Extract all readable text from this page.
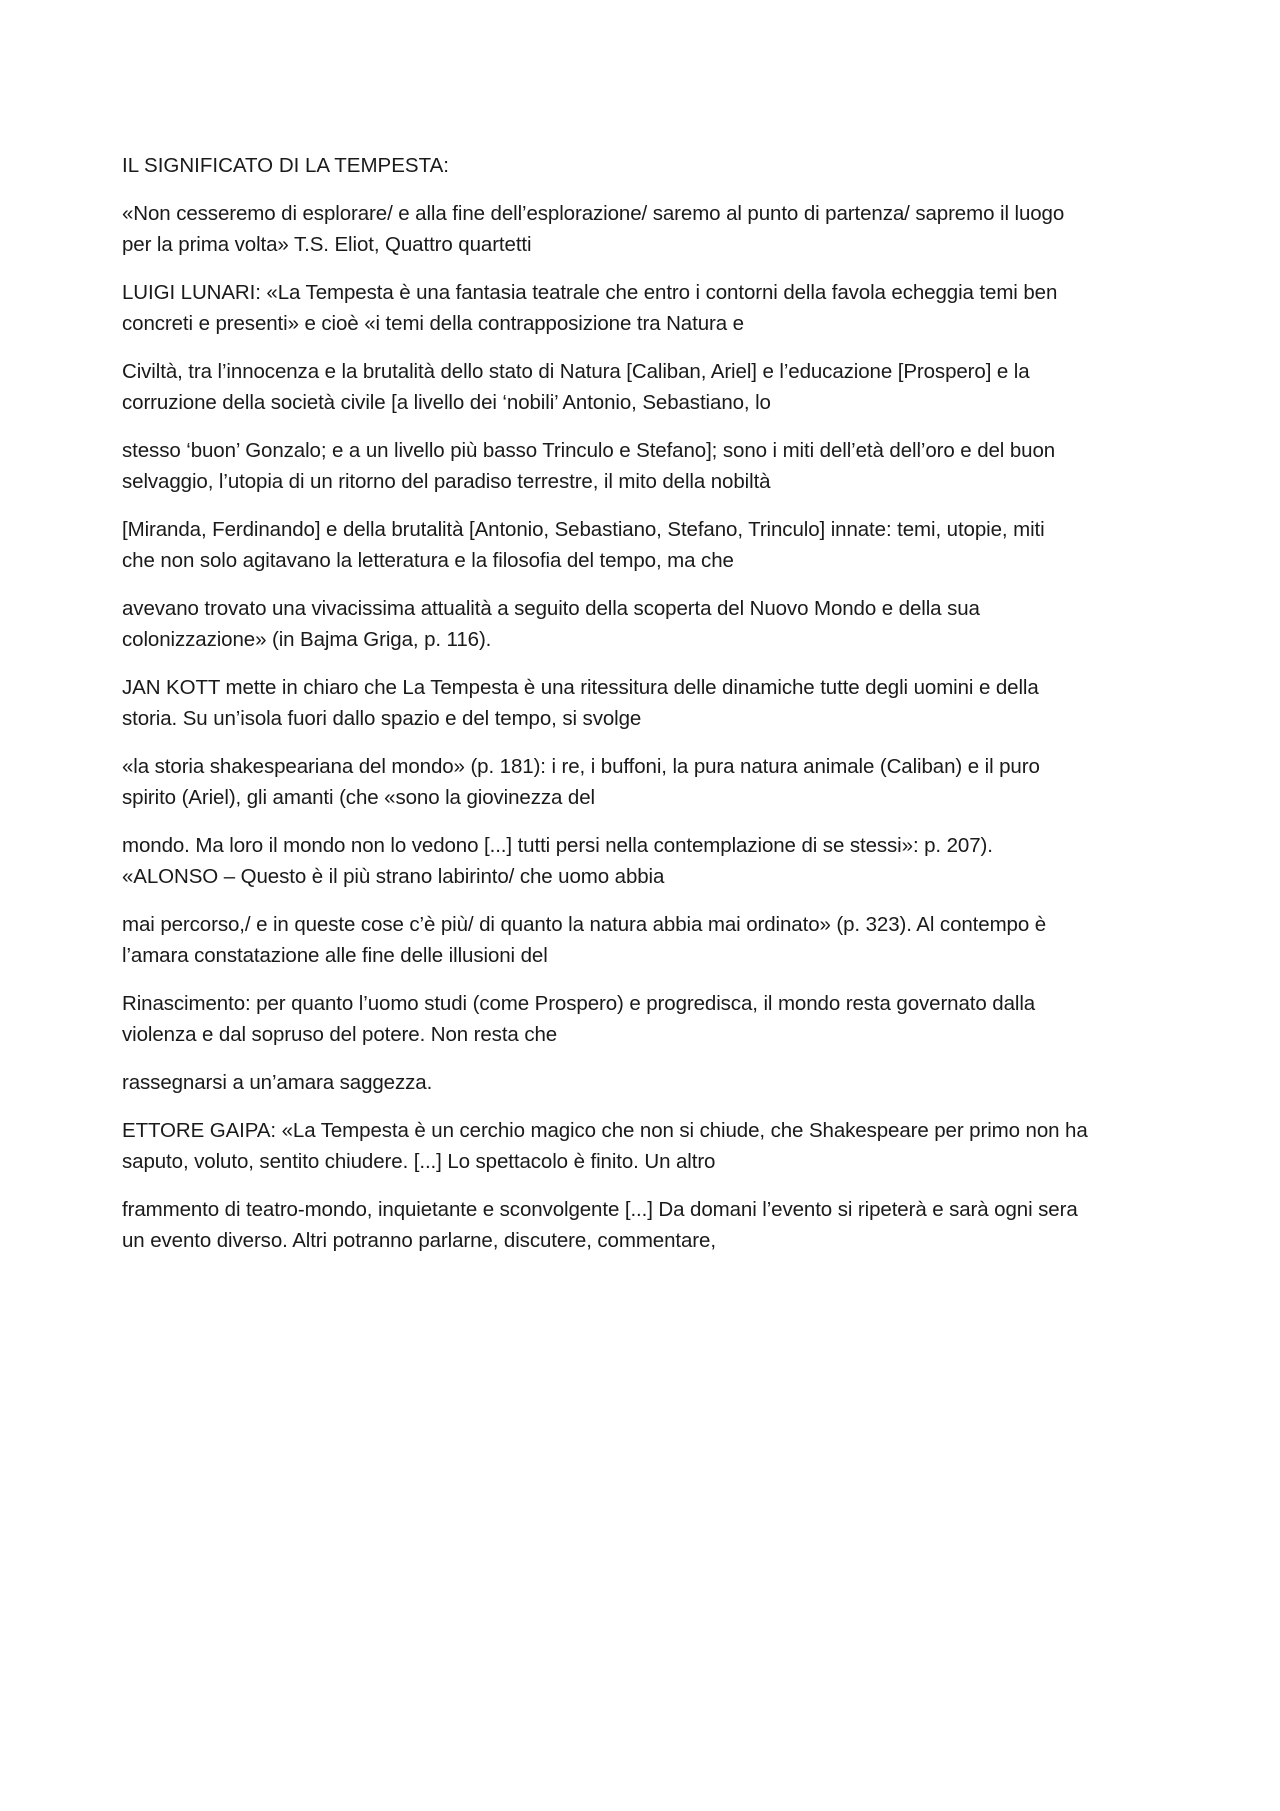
IL SIGNIFICATO DI LA TEMPESTA:

«Non cesseremo di esplorare/ e alla fine dell’esplorazione/ saremo al punto di partenza/ sapremo il luogo
per la prima volta» T.S. Eliot, Quattro quartetti

LUIGI LUNARI: «La Tempesta è una fantasia teatrale che entro i contorni della favola echeggia temi ben
concreti e presenti» e cioè «i temi della contrapposizione tra Natura e

Civiltà, tra l’innocenza e la brutalità dello stato di Natura [Caliban, Ariel] e l’educazione [Prospero] e la
corruzione della società civile [a livello dei ‘nobili’ Antonio, Sebastiano, lo

stesso ‘buon’ Gonzalo; e a un livello più basso Trinculo e Stefano]; sono i miti dell’età dell’oro e del buon
selvaggio, l’utopia di un ritorno del paradiso terrestre, il mito della nobiltà

[Miranda, Ferdinando] e della brutalità [Antonio, Sebastiano, Stefano, Trinculo] innate: temi, utopie, miti
che non solo agitavano la letteratura e la filosofia del tempo, ma che

avevano trovato una vivacissima attualità a seguito della scoperta del Nuovo Mondo e della sua
colonizzazione» (in Bajma Griga, p. 116).

JAN KOTT mette in chiaro che La Tempesta è una ritessitura delle dinamiche tutte degli uomini e della
storia. Su un’isola fuori dallo spazio e del tempo, si svolge

«la storia shakespeariana del mondo» (p. 181): i re, i buffoni, la pura natura animale (Caliban) e il puro
spirito (Ariel), gli amanti (che «sono la giovinezza del

mondo. Ma loro il mondo non lo vedono [...] tutti persi nella contemplazione di se stessi»: p. 207).
«ALONSO – Questo è il più strano labirinto/ che uomo abbia

mai percorso,/ e in queste cose c’è più/ di quanto la natura abbia mai ordinato» (p. 323). Al contempo è
l’amara constatazione alle fine delle illusioni del

Rinascimento: per quanto l’uomo studi (come Prospero) e progredisca, il mondo resta governato dalla
violenza e dal sopruso del potere. Non resta che

rassegnarsi a un’amara saggezza.

ETTORE GAIPA: «La Tempesta è un cerchio magico che non si chiude, che Shakespeare per primo non ha
saputo, voluto, sentito chiudere. [...] Lo spettacolo è finito. Un altro

frammento di teatro-mondo, inquietante e sconvolgente [...] Da domani l’evento si ripeterà e sarà ogni sera
un evento diverso. Altri potranno parlarne, discutere, commentare,
